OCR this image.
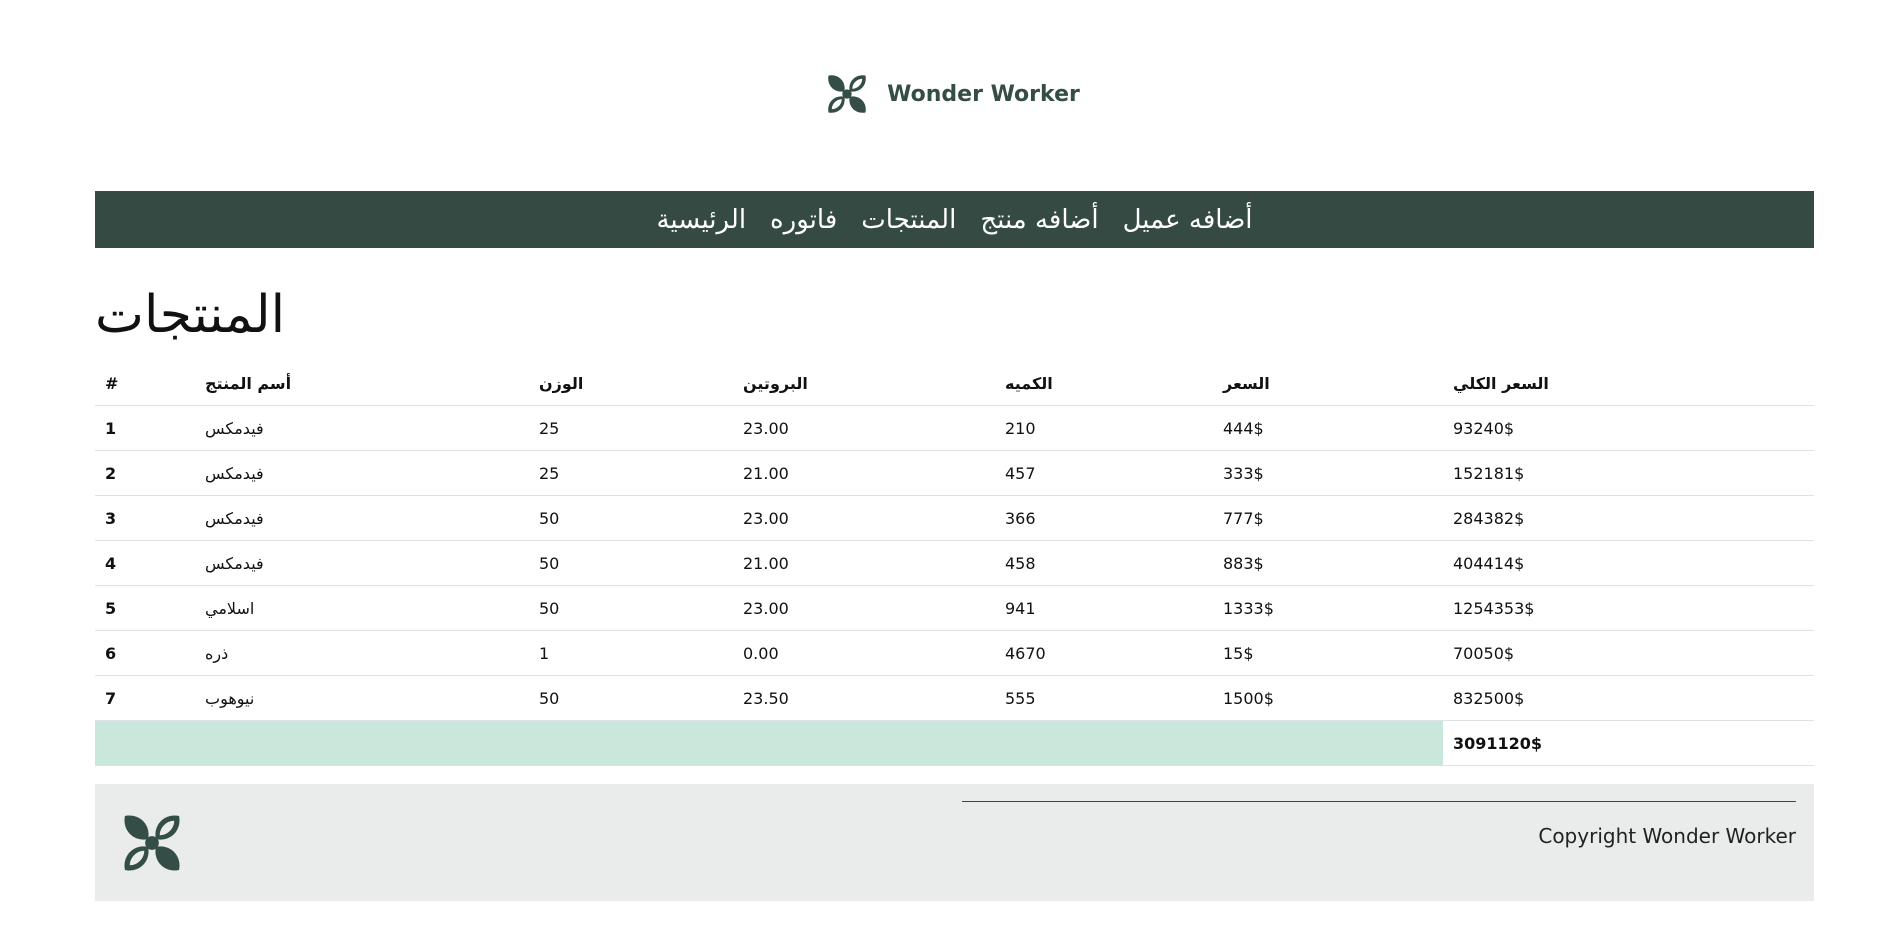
Wonder Worker
أضافه عميل
أضافه منتج
المنتجات
فاتوره
الرئيسية
المنتجات
#	أسم المنتج	الوزن	البروتين	الكميه	السعر	السعر الكلي
1	فيدمكس	25	23.00	210	444$	93240$
2	فيدمكس	25	21.00	457	333$	152181$
3	فيدمكس	50	23.00	366	777$	284382$
4	فيدمكس	50	21.00	458	883$	404414$
5	اسلامي	50	23.00	941	1333$	1254353$
6	ذره	1	0.00	4670	15$	70050$
7	نيوهوب	50	23.50	555	1500$	832500$
						3091120$
Copyright Wonder Worker
